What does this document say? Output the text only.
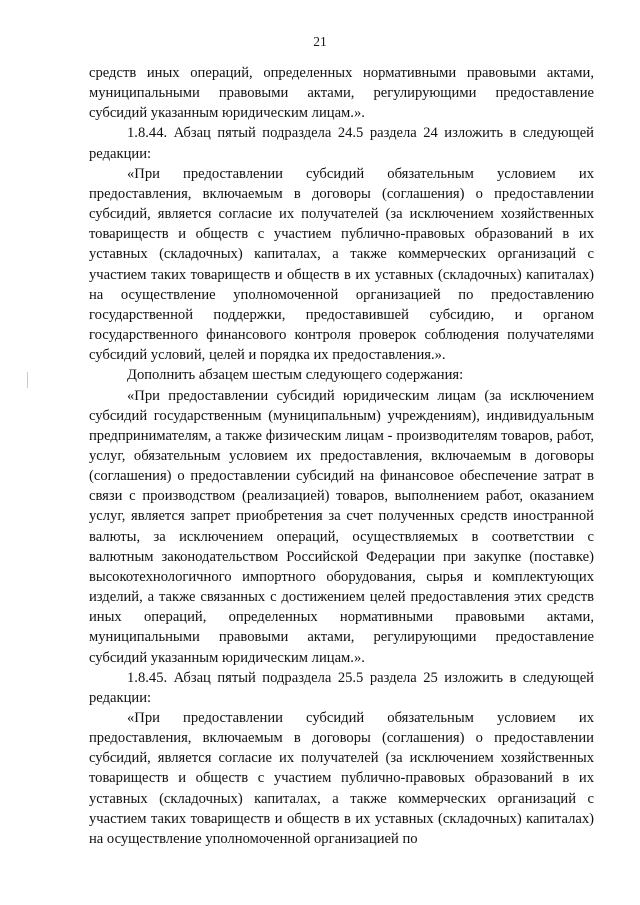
21

средств иных операций, определенных нормативными правовыми актами, муниципальными правовыми актами, регулирующими предоставление субсидий указанным юридическим лицам.».

1.8.44. Абзац пятый подраздела 24.5 раздела 24 изложить в следующей редакции:

«При предоставлении субсидий обязательным условием их предоставления, включаемым в договоры (соглашения) о предоставлении субсидий, является согласие их получателей (за исключением хозяйственных товариществ и обществ с участием публично-правовых образований в их уставных (складочных) капиталах, а также коммерческих организаций с участием таких товариществ и обществ в их уставных (складочных) капиталах) на осуществление уполномоченной организацией по предоставлению государственной поддержки, предоставившей субсидию, и органом государственного финансового контроля проверок соблюдения получателями субсидий условий, целей и порядка их предоставления.».

Дополнить абзацем шестым следующего содержания:

«При предоставлении субсидий юридическим лицам (за исключением субсидий государственным (муниципальным) учреждениям), индивидуальным предпринимателям, а также физическим лицам - производителям товаров, работ, услуг, обязательным условием их предоставления, включаемым в договоры (соглашения) о предоставлении субсидий на финансовое обеспечение затрат в связи с производством (реализацией) товаров, выполнением работ, оказанием услуг, является запрет приобретения за счет полученных средств иностранной валюты, за исключением операций, осуществляемых в соответствии с валютным законодательством Российской Федерации при закупке (поставке) высокотехнологичного импортного оборудования, сырья и комплектующих изделий, а также связанных с достижением целей предоставления этих средств иных операций, определенных нормативными правовыми актами, муниципальными правовыми актами, регулирующими предоставление субсидий указанным юридическим лицам.».

1.8.45. Абзац пятый подраздела 25.5 раздела 25 изложить в следующей редакции:

«При предоставлении субсидий обязательным условием их предоставления, включаемым в договоры (соглашения) о предоставлении субсидий, является согласие их получателей (за исключением хозяйственных товариществ и обществ с участием публично-правовых образований в их уставных (складочных) капиталах, а также коммерческих организаций с участием таких товариществ и обществ в их уставных (складочных) капиталах) на осуществление уполномоченной организацией по
